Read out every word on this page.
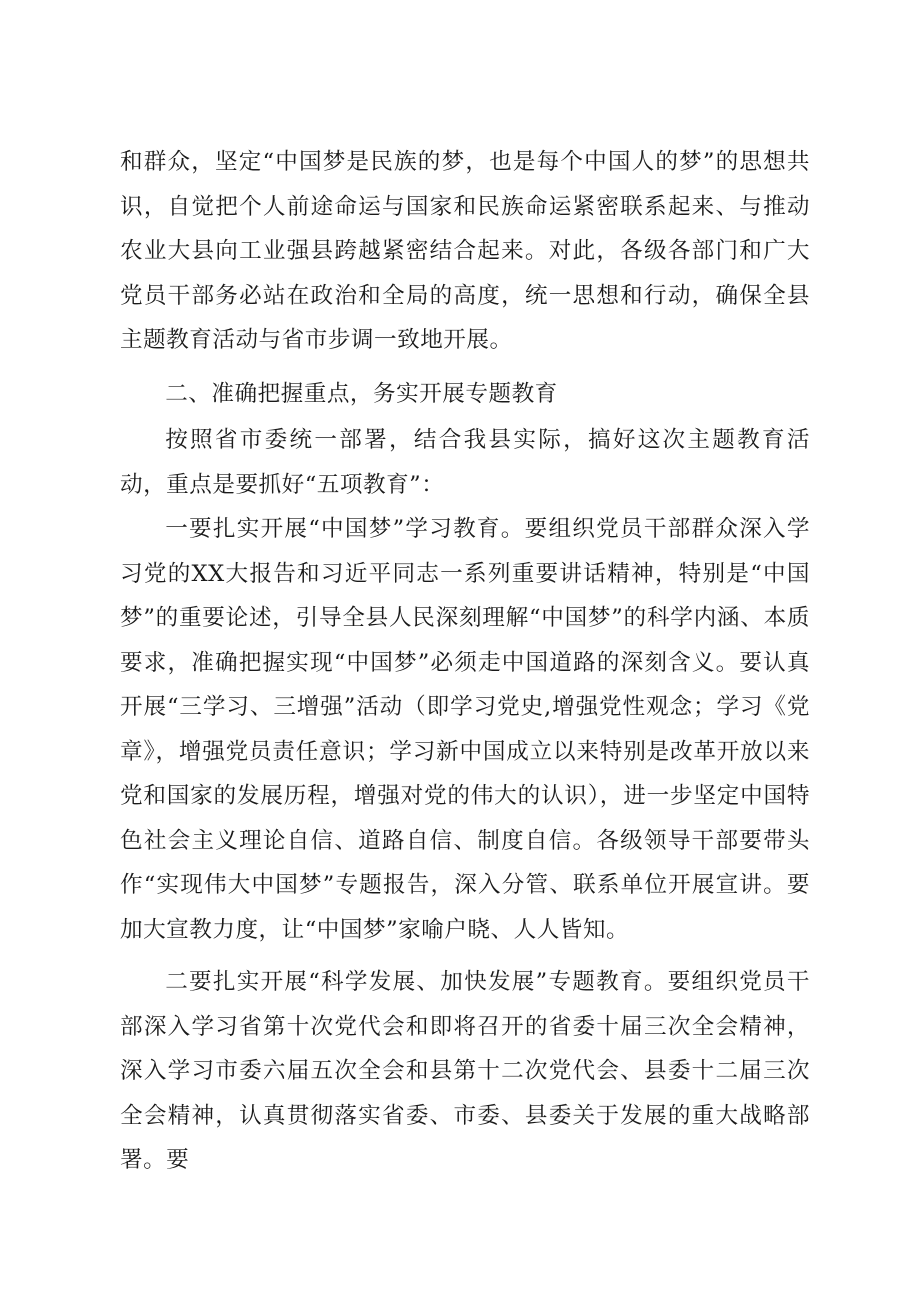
和群众，坚定“中国梦是民族的梦，也是每个中国人的梦”的思想共识，自觉把个人前途命运与国家和民族命运紧密联系起来、与推动农业大县向工业强县跨越紧密结合起来。对此，各级各部门和广大党员干部务必站在政治和全局的高度，统一思想和行动，确保全县主题教育活动与省市步调一致地开展。

二、准确把握重点，务实开展专题教育

按照省市委统一部署，结合我县实际，搞好这次主题教育活动，重点是要抓好“五项教育”：

一要扎实开展“中国梦”学习教育。要组织党员干部群众深入学习党的XX大报告和习近平同志一系列重要讲话精神，特别是“中国梦”的重要论述，引导全县人民深刻理解“中国梦”的科学内涵、本质要求，准确把握实现“中国梦”必须走中国道路的深刻含义。要认真开展“三学习、三增强”活动（即学习党史,增强党性观念；学习《党章》，增强党员责任意识；学习新中国成立以来特别是改革开放以来党和国家的发展历程，增强对党的伟大的认识），进一步坚定中国特色社会主义理论自信、道路自信、制度自信。各级领导干部要带头作“实现伟大中国梦”专题报告，深入分管、联系单位开展宣讲。要加大宣教力度，让“中国梦”家喻户晓、人人皆知。

二要扎实开展“科学发展、加快发展”专题教育。要组织党员干部深入学习省第十次党代会和即将召开的省委十届三次全会精神，深入学习市委六届五次全会和县第十二次党代会、县委十二届三次全会精神，认真贯彻落实省委、市委、县委关于发展的重大战略部署。要
